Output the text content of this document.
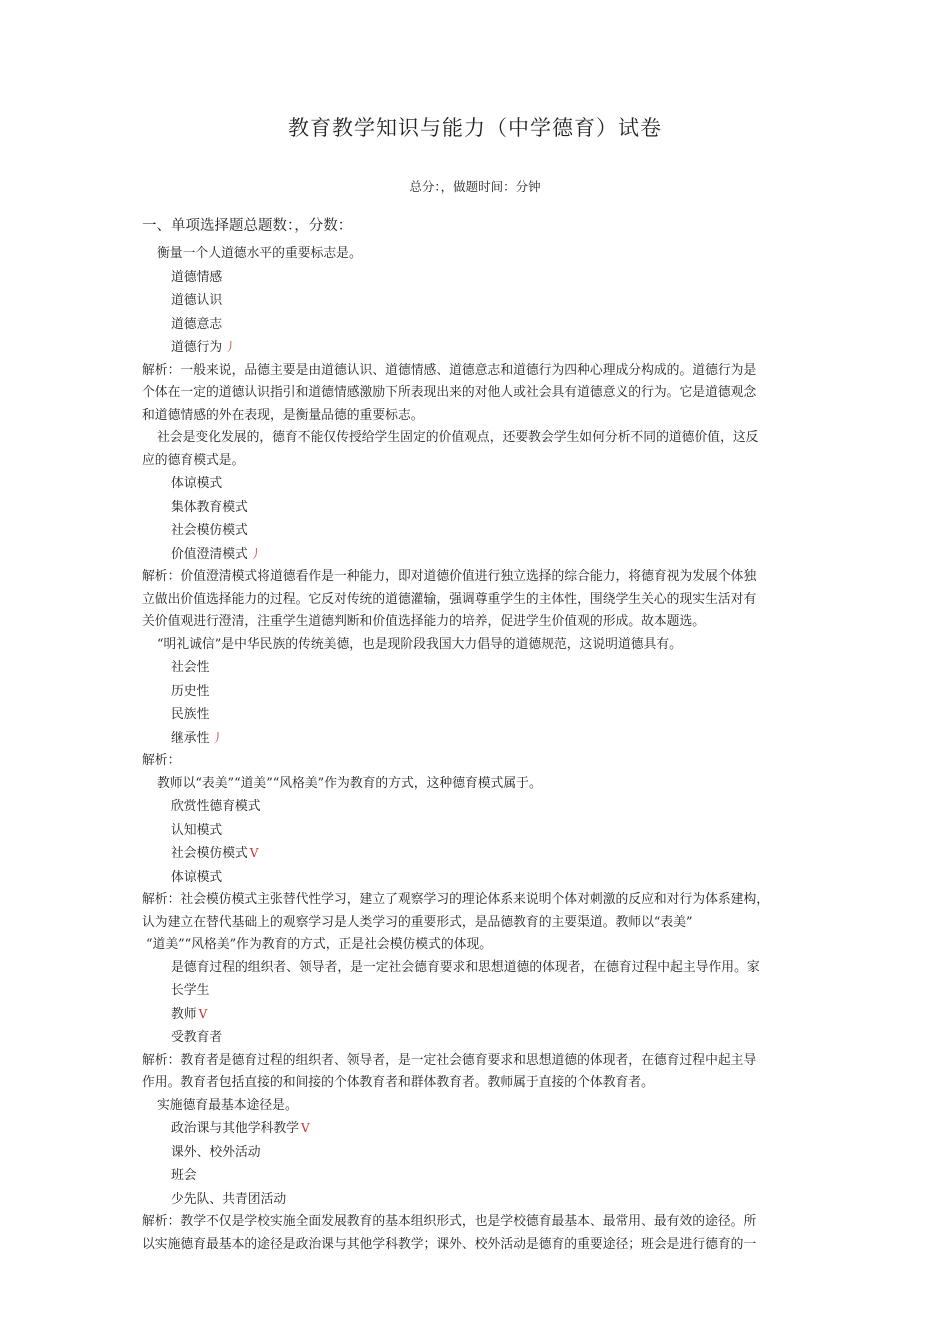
教育教学知识与能力（中学德育）试卷
总分：，做题时间：分钟
一、单项选择题总题数：，分数：

衡量一个人道德水平的重要标志是。

道德情感

道德认识

道德意志

道德行为 丿

解析：一般来说，品德主要是由道德认识、道德情感、道德意志和道德行为四种心理成分构成的。道德行为是

个体在一定的道德认识指引和道德情感激励下所表现出来的对他人或社会具有道德意义的行为。它是道德观念

和道德情感的外在表现，是衡量品德的重要标志。

社会是变化发展的，德育不能仅传授给学生固定的价值观点，还要教会学生如何分析不同的道德价值，这反

应的德育模式是。

体谅模式

集体教育模式

社会模仿模式

价值澄清模式 丿

解析：价值澄清模式将道德看作是一种能力，即对道德价值进行独立选择的综合能力，将德育视为发展个体独

立做出价值选择能力的过程。它反对传统的道德灌输，强调尊重学生的主体性，围绕学生关心的现实生活对有

关价值观进行澄清，注重学生道德判断和价值选择能力的培养，促进学生价值观的形成。故本题选。

“明礼诚信”是中华民族的传统美德，也是现阶段我国大力倡导的道德规范，这说明道德具有。

社会性

历史性

民族性

继承性 丿

解析：

教师以“表美”“道美”“风格美”作为教育的方式，这种德育模式属于。

欣赏性德育模式

认知模式

社会模仿模式 V

体谅模式

解析：社会模仿模式主张替代性学习，建立了观察学习的理论体系来说明个体对刺激的反应和对行为体系建构，

认为建立在替代基础上的观察学习是人类学习的重要形式，是品德教育的主要渠道。教师以“表美”

“道美”“风格美”作为教育的方式，正是社会模仿模式的体现。

是德育过程的组织者、领导者，是一定社会德育要求和思想道德的体现者，在德育过程中起主导作用。家

长学生

教师 V

受教育者

解析：教育者是德育过程的组织者、领导者，是一定社会德育要求和思想道德的体现者，在德育过程中起主导

作用。教育者包括直接的和间接的个体教育者和群体教育者。教师属于直接的个体教育者。

实施德育最基本途径是。

政治课与其他学科教学 V

课外、校外活动

班会

少先队、共青团活动

解析：教学不仅是学校实施全面发展教育的基本组织形式，也是学校德育最基本、最常用、最有效的途径。所

以实施德育最基本的途径是政治课与其他学科教学；课外、校外活动是德育的重要途径；班会是进行德育的一
